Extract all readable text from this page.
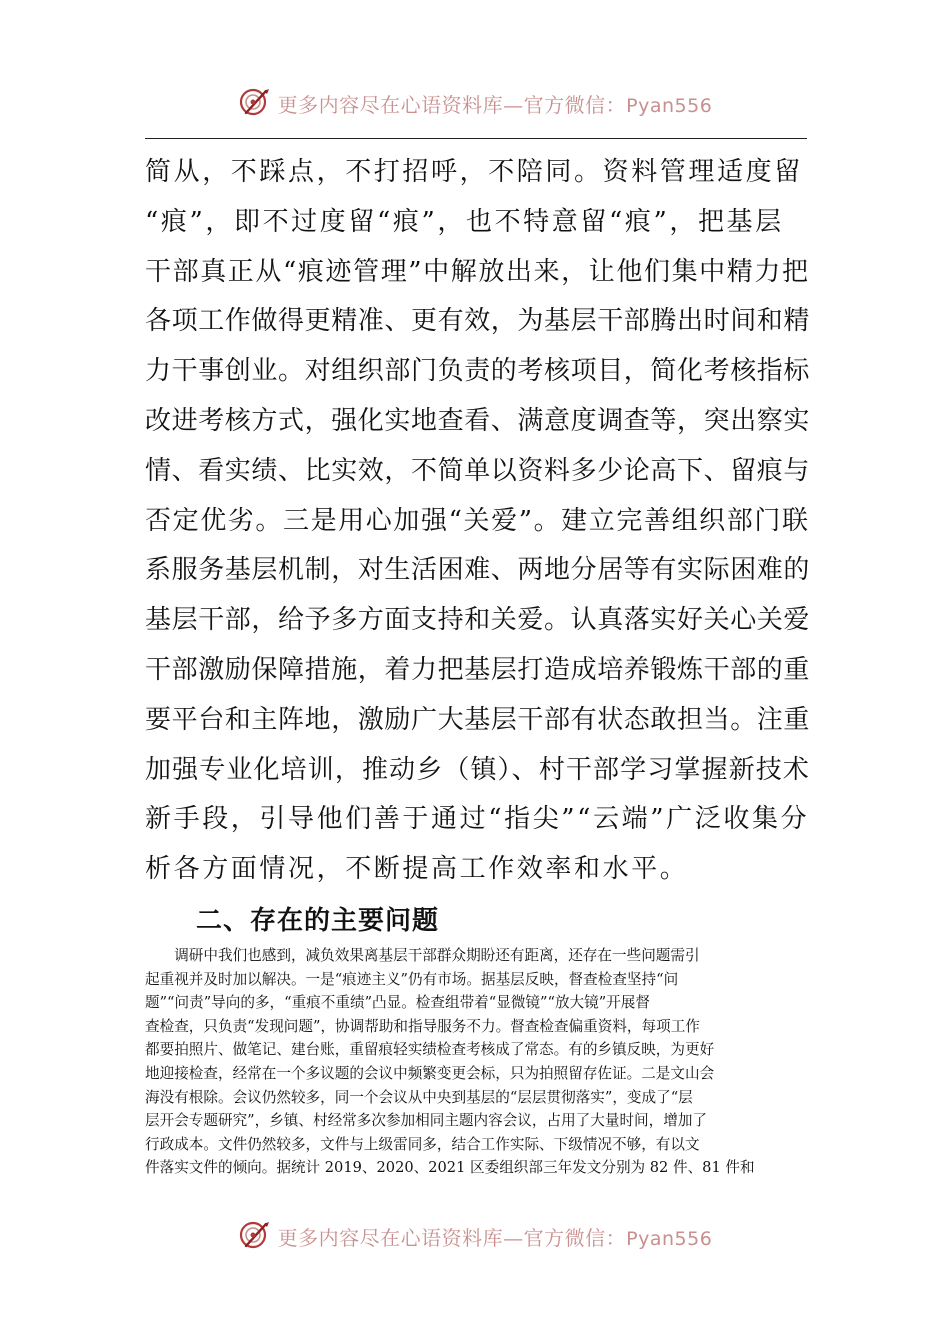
更多内容尽在心语资料库—官方微信：Pyan556
简从，不踩点，不打招呼，不陪同。资料管理适度留
“痕”，即不过度留“痕”，也不特意留“痕”，把基层
干部真正从“痕迹管理”中解放出来，让他们集中精力把
各项工作做得更精准、更有效，为基层干部腾出时间和精
力干事创业。对组织部门负责的考核项目，简化考核指标
改进考核方式，强化实地查看、满意度调查等，突出察实
情、看实绩、比实效，不简单以资料多少论高下、留痕与
否定优劣。三是用心加强“关爱”。建立完善组织部门联
系服务基层机制，对生活困难、两地分居等有实际困难的
基层干部，给予多方面支持和关爱。认真落实好关心关爱
干部激励保障措施，着力把基层打造成培养锻炼干部的重
要平台和主阵地，激励广大基层干部有状态敢担当。注重
加强专业化培训，推动乡（镇）、村干部学习掌握新技术
新手段，引导他们善于通过“指尖”“云端”广泛收集分
析各方面情况，不断提高工作效率和水平。
二、存在的主要问题
　　调研中我们也感到，减负效果离基层干部群众期盼还有距离，还存在一些问题需引
起重视并及时加以解决。一是“痕迹主义”仍有市场。据基层反映，督查检查坚持“问
题”“问责”导向的多，“重痕不重绩”凸显。检查组带着“显微镜”“放大镜”开展督
查检查，只负责“发现问题”，协调帮助和指导服务不力。督查检查偏重资料，每项工作
都要拍照片、做笔记、建台账，重留痕轻实绩检查考核成了常态。有的乡镇反映，为更好
地迎接检查，经常在一个多议题的会议中频繁变更会标，只为拍照留存佐证。二是文山会
海没有根除。会议仍然较多，同一个会议从中央到基层的“层层贯彻落实”，变成了“层
层开会专题研究”，乡镇、村经常多次参加相同主题内容会议，占用了大量时间，增加了
行政成本。文件仍然较多，文件与上级雷同多，结合工作实际、下级情况不够，有以文
件落实文件的倾向。据统计 2019、2020、2021 区委组织部三年发文分别为 82 件、81 件和
更多内容尽在心语资料库—官方微信：Pyan556
